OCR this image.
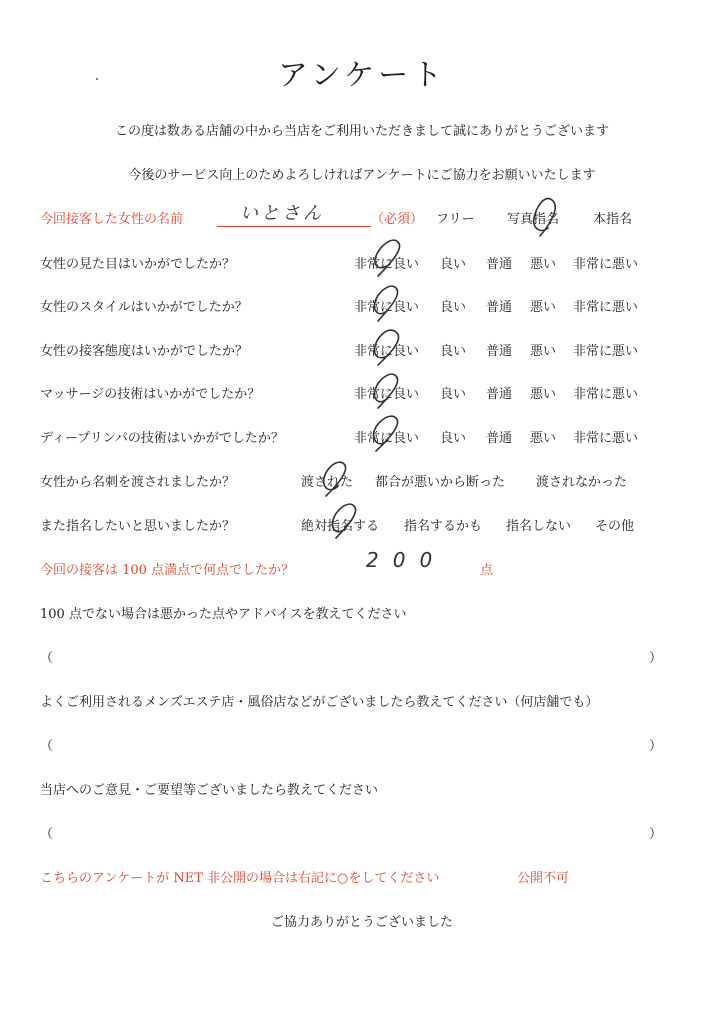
アンケート
この度は数ある店舗の中から当店をご利用いただきまして誠にありがとうございます
今後のサービス向上のためよろしければアンケートにご協力をお願いいたします
今回接客した女性の名前	いとさん	（必須） フリー	写真指名	本指名
女性の見た目はいかがでしたか？	非常に良い 良い 普通 悪い 非常に悪い
女性のスタイルはいかがでしたか？	非常に良い 良い 普通 悪い 非常に悪い
女性の接客態度はいかがでしたか？	非常に良い 良い 普通 悪い 非常に悪い
マッサージの技術はいかがでしたか？	非常に良い 良い 普通 悪い 非常に悪い
ディープリンパの技術はいかがでしたか？	非常に良い 良い 普通 悪い 非常に悪い
女性から名刺を渡されましたか？	渡された 都合が悪いから断った 渡されなかった
また指名したいと思いましたか？	絶対指名する 指名するかも 指名しない その他
今回の接客は 100 点満点で何点でしたか？	200	点
100 点でない場合は悪かった点やアドバイスを教えてください
（	）
よくご利用されるメンズエステ店・風俗店などがございましたら教えてください（何店舗でも）
（	）
当店へのご意見・ご要望等ございましたら教えてください
（	）
こちらのアンケートが NET 非公開の場合は右記に○をしてください	公開不可
ご協力ありがとうございました
